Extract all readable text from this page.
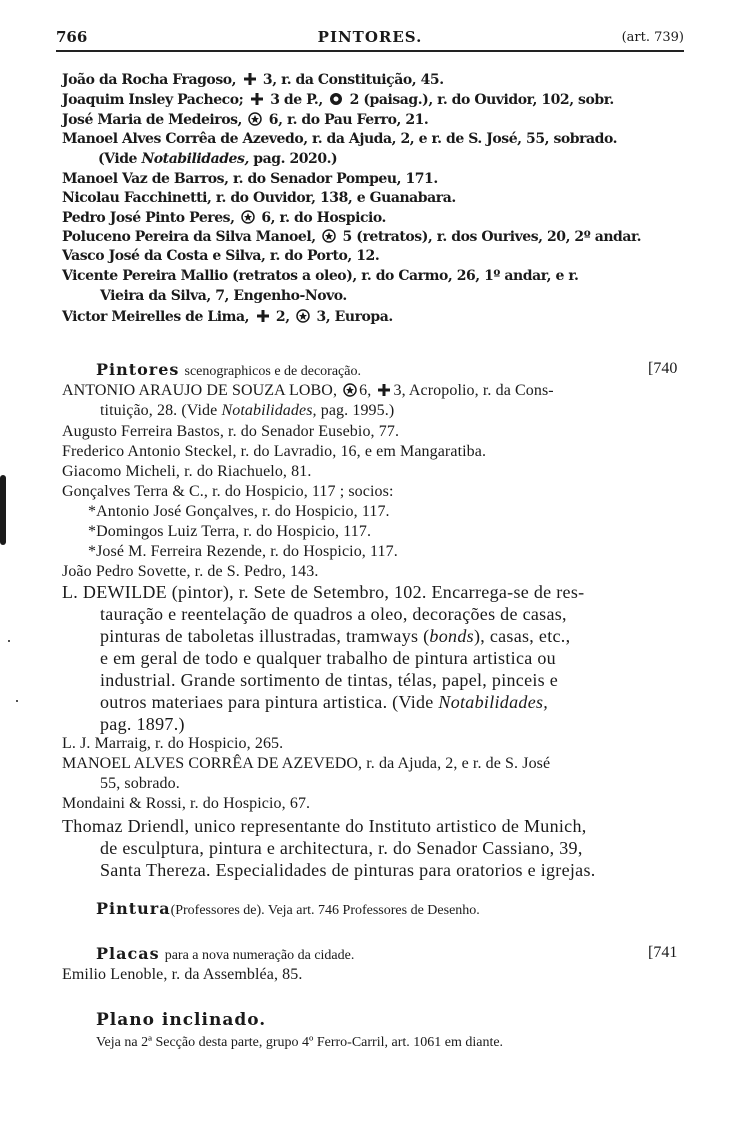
766	PINTORES.	(art. 739)
João da Rocha Fragoso,  3, r. da Constituição, 45.
Joaquim Insley Pacheco;  3 de P.,  2 (paisag.), r. do Ouvidor, 102, sobr.
José Maria de Medeiros,  6, r. do Pau Ferro, 21.
Manoel Alves Corrêa de Azevedo, r. da Ajuda, 2, e r. de S. José, 55, sobrado.
(Vide Notabilidades, pag. 2020.)
Manoel Vaz de Barros, r. do Senador Pompeu, 171.
Nicolau Facchinetti, r. do Ouvidor, 138, e Guanabara.
Pedro José Pinto Peres,  6, r. do Hospicio.
Poluceno Pereira da Silva Manoel,  5 (retratos), r. dos Ourives, 20, 2º andar.
Vasco José da Costa e Silva, r. do Porto, 12.
Vicente Pereira Mallio (retratos a oleo), r. do Carmo, 26, 1º andar, e r.
Vieira da Silva, 7, Engenho-Novo.
Victor Meirelles de Lima,  2,  3, Europa.
Pintores scenographicos e de decoração.	[740
ANTONIO ARAUJO DE SOUZA LOBO, 6, 3, Acropolio, r. da Cons-
tituição, 28. (Vide Notabilidades, pag. 1995.)
Augusto Ferreira Bastos, r. do Senador Eusebio, 77.
Frederico Antonio Steckel, r. do Lavradio, 16, e em Mangaratiba.
Giacomo Micheli, r. do Riachuelo, 81.
Gonçalves Terra & C., r. do Hospicio, 117 ; socios:
*Antonio José Gonçalves, r. do Hospicio, 117.
*Domingos Luiz Terra, r. do Hospicio, 117.
*José M. Ferreira Rezende, r. do Hospicio, 117.
João Pedro Sovette, r. de S. Pedro, 143.
L. DEWILDE (pintor), r. Sete de Setembro, 102. Encarrega-se de res-
tauração e reentelação de quadros a oleo, decorações de casas,
pinturas de taboletas illustradas, tramways (bonds), casas, etc.,
e em geral de todo e qualquer trabalho de pintura artistica ou
industrial. Grande sortimento de tintas, télas, papel, pinceis e
outros materiaes para pintura artistica. (Vide Notabilidades,
pag. 1897.)
L. J. Marraig, r. do Hospicio, 265.
MANOEL ALVES CORRÊA DE AZEVEDO, r. da Ajuda, 2, e r. de S. José
55, sobrado.
Mondaini & Rossi, r. do Hospicio, 67.
Thomaz Driendl, unico representante do Instituto artistico de Munich,
de esculptura, pintura e architectura, r. do Senador Cassiano, 39,
Santa Thereza. Especialidades de pinturas para oratorios e igrejas.
Pintura(Professores de). Veja art. 746 Professores de Desenho.
Placas para a nova numeração da cidade.	[741
Emilio Lenoble, r. da Assembléa, 85.
Plano inclinado.
Veja na 2ª Secção desta parte, grupo 4º Ferro-Carril, art. 1061 em diante.
